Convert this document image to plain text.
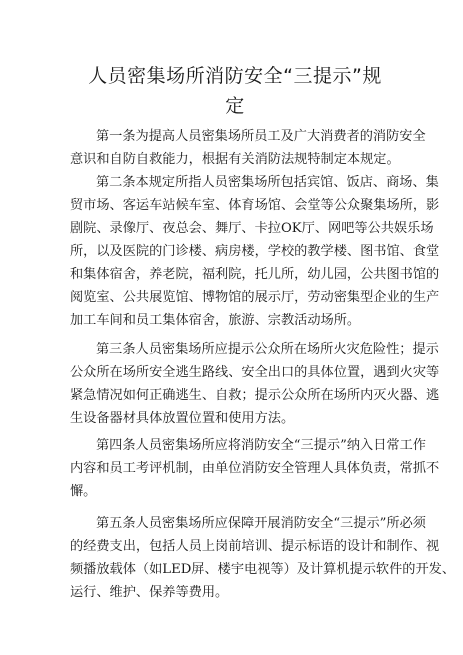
人员密集场所消防安全“三提示”规
定
第一条为提高人员密集场所员工及广大消费者的消防安全
意识和自防自救能力，根据有关消防法规特制定本规定。
第二条本规定所指人员密集场所包括宾馆、饭店、商场、集
贸市场、客运车站候车室、体育场馆、会堂等公众聚集场所，影
剧院、录像厅、夜总会、舞厅、卡拉OK厅、网吧等公共娱乐场
所，以及医院的门诊楼、病房楼，学校的教学楼、图书馆、食堂
和集体宿舍，养老院，福利院，托儿所，幼儿园，公共图书馆的
阅览室、公共展览馆、博物馆的展示厅，劳动密集型企业的生产
加工车间和员工集体宿舍，旅游、宗教活动场所。
第三条人员密集场所应提示公众所在场所火灾危险性；提示
公众所在场所安全逃生路线、安全出口的具体位置，遇到火灾等
紧急情况如何正确逃生、自救；提示公众所在场所内灭火器、逃
生设备器材具体放置位置和使用方法。
第四条人员密集场所应将消防安全“三提示”纳入日常工作
内容和员工考评机制，由单位消防安全管理人具体负责，常抓不
懈。
第五条人员密集场所应保障开展消防安全“三提示”所必须
的经费支出，包括人员上岗前培训、提示标语的设计和制作、视
频播放载体（如LED屏、楼宇电视等）及计算机提示软件的开发、
运行、维护、保养等费用。
